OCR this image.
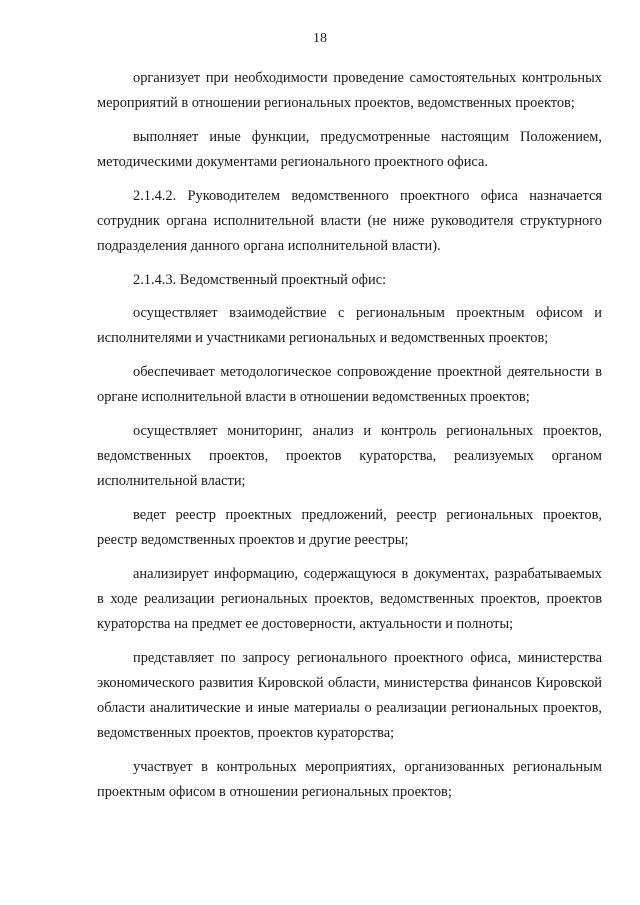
18

организует при необходимости проведение самостоятельных контрольных мероприятий в отношении региональных проектов, ведомственных проектов;

выполняет иные функции, предусмотренные настоящим Положением, методическими документами регионального проектного офиса.

2.1.4.2. Руководителем ведомственного проектного офиса назначается сотрудник органа исполнительной власти (не ниже руководителя структурного подразделения данного органа исполнительной власти).

2.1.4.3. Ведомственный проектный офис:

осуществляет взаимодействие с региональным проектным офисом и исполнителями и участниками региональных и ведомственных проектов;

обеспечивает методологическое сопровождение проектной деятельности в органе исполнительной власти в отношении ведомственных проектов;

осуществляет мониторинг, анализ и контроль региональных проектов, ведомственных проектов, проектов кураторства, реализуемых органом исполнительной власти;

ведет реестр проектных предложений, реестр региональных проектов, реестр ведомственных проектов и другие реестры;

анализирует информацию, содержащуюся в документах, разрабатываемых в ходе реализации региональных проектов, ведомственных проектов, проектов кураторства на предмет ее достоверности, актуальности и полноты;

представляет по запросу регионального проектного офиса, министерства экономического развития Кировской области, министерства финансов Кировской области аналитические и иные материалы о реализации региональных проектов, ведомственных проектов, проектов кураторства;

участвует в контрольных мероприятиях, организованных региональным проектным офисом в отношении региональных проектов;
